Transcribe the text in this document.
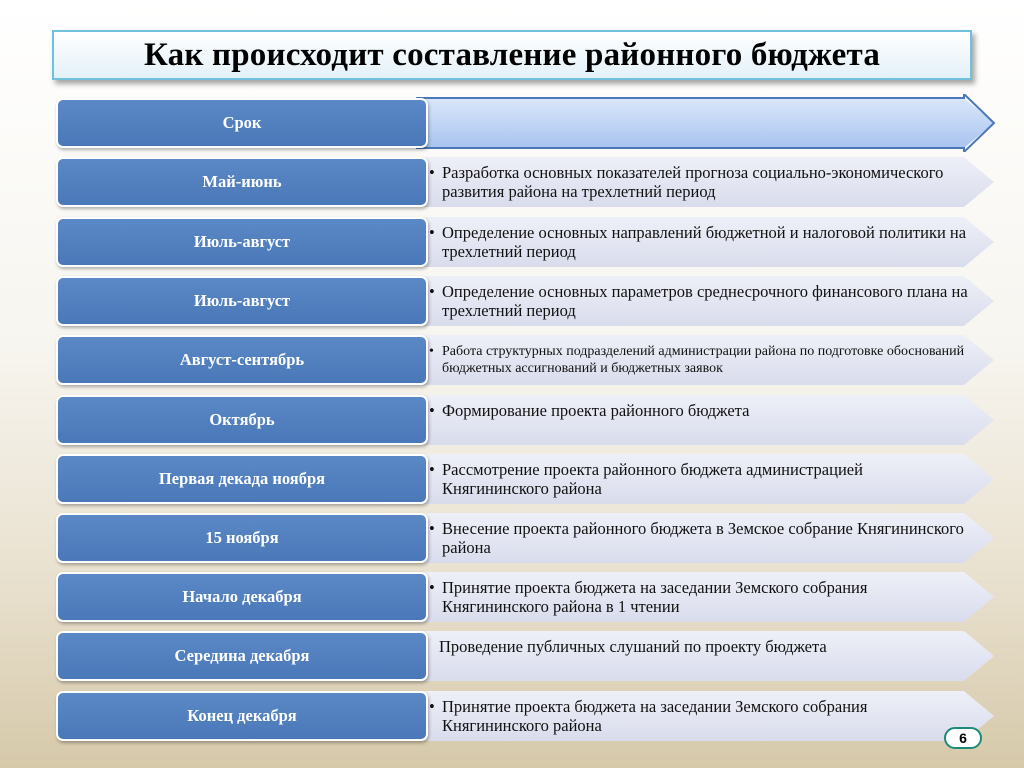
Как происходит составление районного бюджета
Срок
Май-июнь	• Разработка основных показателей прогноза социально-экономического развития района на трехлетний период
Июль-август	• Определение основных направлений бюджетной и налоговой политики на трехлетний период
Июль-август	• Определение основных параметров среднесрочного финансового плана на трехлетний период
Август-сентябрь	• Работа структурных подразделений администрации района по подготовке обоснований бюджетных ассигнований и бюджетных заявок
Октябрь	• Формирование проекта районного бюджета
Первая декада ноября	• Рассмотрение проекта районного бюджета администрацией Княгининского района
15 ноября	• Внесение проекта районного бюджета в Земское собрание Княгининского района
Начало декабря	• Принятие проекта бюджета на заседании Земского собрания Княгининского района в 1 чтении
Середина декабря	Проведение публичных слушаний по проекту бюджета
Конец декабря	• Принятие проекта бюджета на заседании Земского собрания Княгининского района
6
